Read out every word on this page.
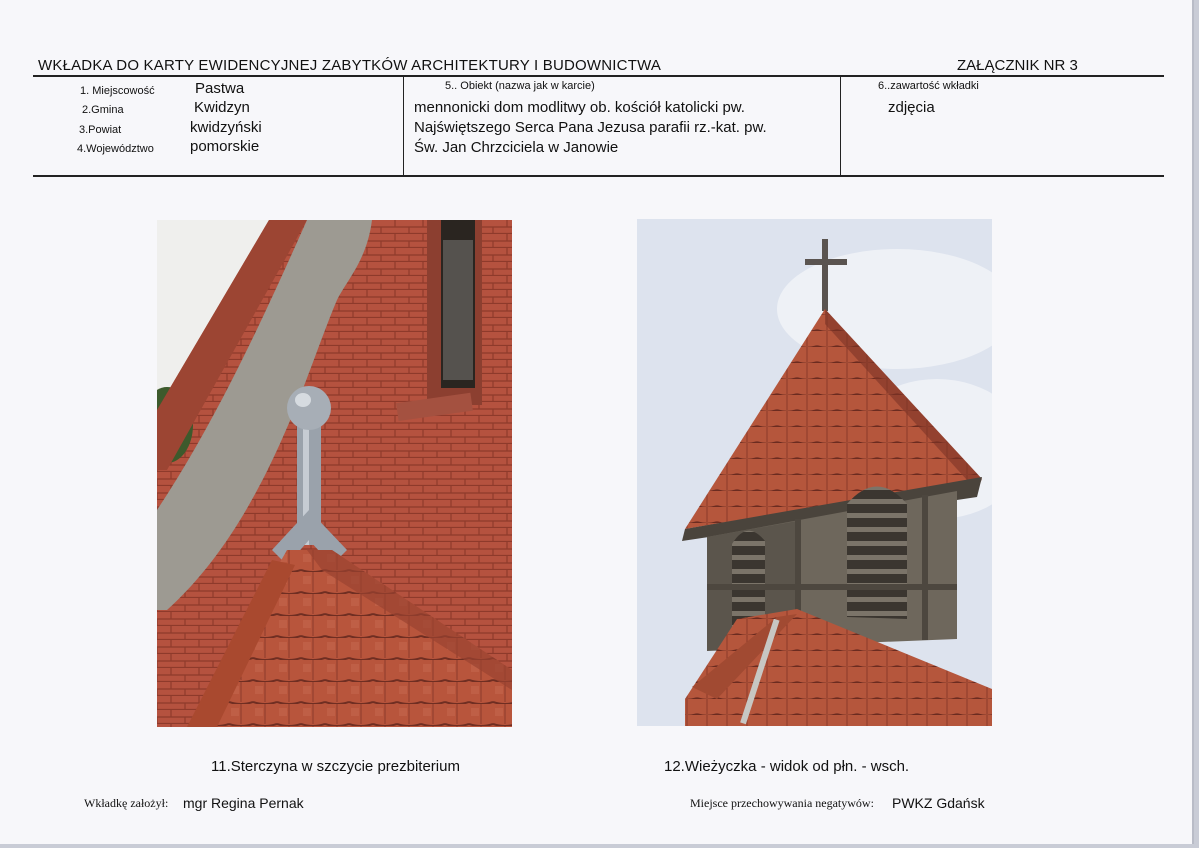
WKŁADKA DO KARTY EWIDENCYJNEJ ZABYTKÓW ARCHITEKTURY I BUDOWNICTWA	ZAŁĄCZNIK NR 3
1. Miejscowość	Pastwa
2.Gmina	Kwidzyn
3.Powiat	kwidzyński
4.Województwo pomorskie
5.. Obiekt (nazwa jak w karcie)
mennonicki dom modlitwy ob. kościół katolicki pw.
Najświętszego Serca Pana Jezusa parafii rz.-kat. pw.
Św. Jan Chrzciciela w Janowie
6..zawartość wkładki
zdjęcia
11.Sterczyna w szczycie prezbiterium	12.Wieżyczka - widok od płn. - wsch.
Wkładkę założył: mgr Regina Pernak	Miejsce przechowywania negatywów: PWKZ Gdańsk
